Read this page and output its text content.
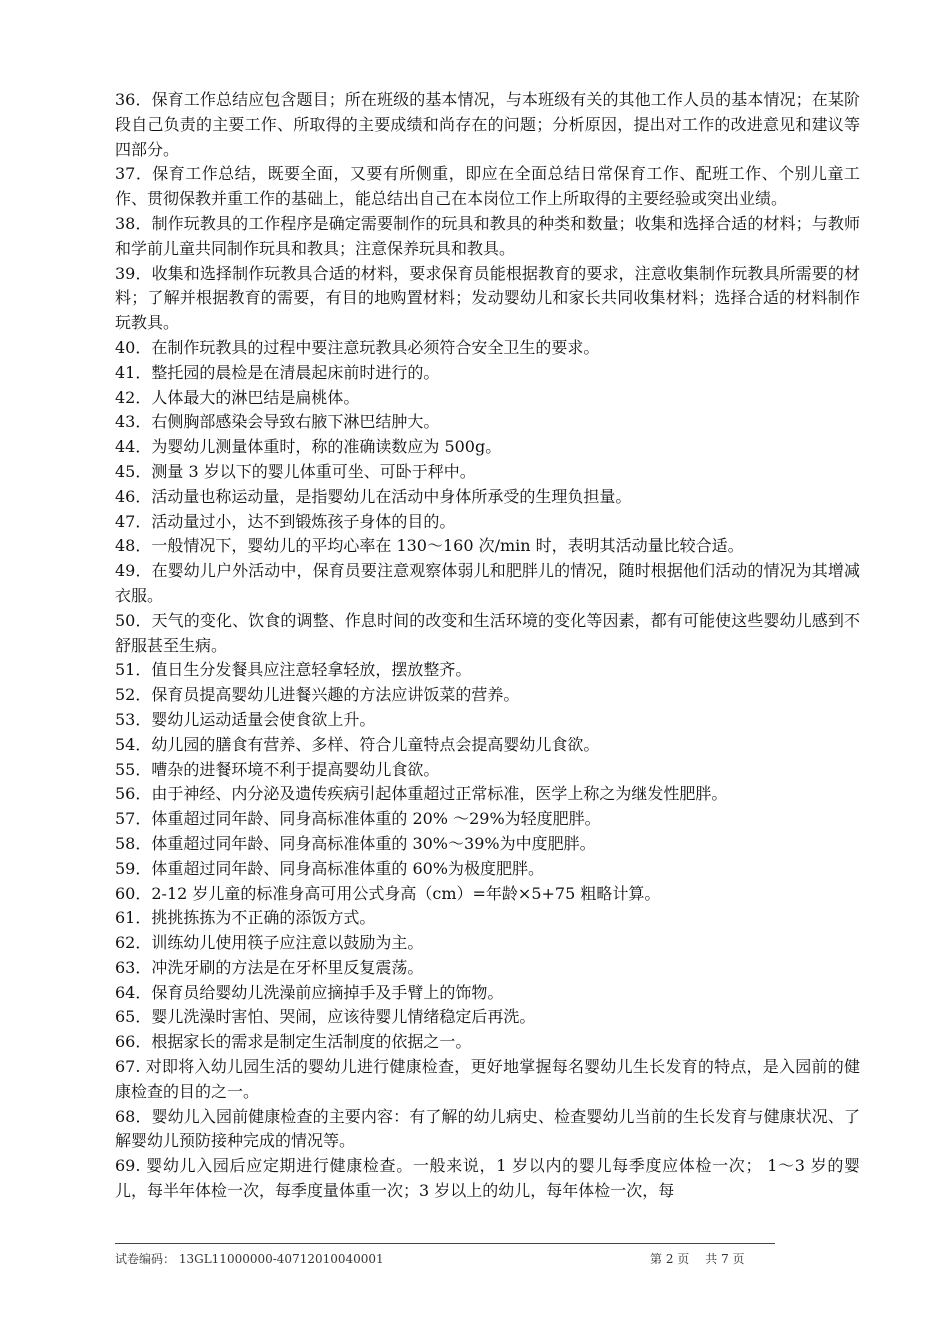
36．保育工作总结应包含题目；所在班级的基本情况，与本班级有关的其他工作人员的基本情况；在某阶段自己负责的主要工作、所取得的主要成绩和尚存在的问题；分析原因，提出对工作的改进意见和建议等四部分。

37．保育工作总结，既要全面，又要有所侧重，即应在全面总结日常保育工作、配班工作、个别儿童工作、贯彻保教并重工作的基础上，能总结出自己在本岗位工作上所取得的主要经验或突出业绩。

38．制作玩教具的工作程序是确定需要制作的玩具和教具的种类和数量；收集和选择合适的材料；与教师和学前儿童共同制作玩具和教具；注意保养玩具和教具。

39．收集和选择制作玩教具合适的材料，要求保育员能根据教育的要求，注意收集制作玩教具所需要的材料；了解并根据教育的需要，有目的地购置材料；发动婴幼儿和家长共同收集材料；选择合适的材料制作玩教具。

40．在制作玩教具的过程中要注意玩教具必须符合安全卫生的要求。

41．整托园的晨检是在清晨起床前时进行的。

42．人体最大的淋巴结是扁桃体。

43．右侧胸部感染会导致右腋下淋巴结肿大。

44．为婴幼儿测量体重时，称的准确读数应为 500g。

45．测量 3 岁以下的婴儿体重可坐、可卧于秤中。

46．活动量也称运动量，是指婴幼儿在活动中身体所承受的生理负担量。

47．活动量过小，达不到锻炼孩子身体的目的。

48．一般情况下，婴幼儿的平均心率在 130～160 次/min 时，表明其活动量比较合适。

49．在婴幼儿户外活动中，保育员要注意观察体弱儿和肥胖儿的情况，随时根据他们活动的情况为其增减衣服。

50．天气的变化、饮食的调整、作息时间的改变和生活环境的变化等因素，都有可能使这些婴幼儿感到不舒服甚至生病。

51．值日生分发餐具应注意轻拿轻放，摆放整齐。

52．保育员提高婴幼儿进餐兴趣的方法应讲饭菜的营养。

53．婴幼儿运动适量会使食欲上升。

54．幼儿园的膳食有营养、多样、符合儿童特点会提高婴幼儿食欲。

55．嘈杂的进餐环境不利于提高婴幼儿食欲。

56．由于神经、内分泌及遗传疾病引起体重超过正常标准，医学上称之为继发性肥胖。

57．体重超过同年龄、同身高标准体重的 20% ～29%为轻度肥胖。

58．体重超过同年龄、同身高标准体重的 30%～39%为中度肥胖。

59．体重超过同年龄、同身高标准体重的 60%为极度肥胖。

60．2-12 岁儿童的标准身高可用公式身高（cm）=年龄×5+75 粗略计算。

61．挑挑拣拣为不正确的添饭方式。

62．训练幼儿使用筷子应注意以鼓励为主。

63．冲洗牙刷的方法是在牙杯里反复震荡。

64．保育员给婴幼儿洗澡前应摘掉手及手臂上的饰物。

65．婴儿洗澡时害怕、哭闹，应该待婴儿情绪稳定后再洗。

66．根据家长的需求是制定生活制度的依据之一。

67. 对即将入幼儿园生活的婴幼儿进行健康检查，更好地掌握每名婴幼儿生长发育的特点，是入园前的健康检查的目的之一。

68．婴幼儿入园前健康检查的主要内容：有了解的幼儿病史、检查婴幼儿当前的生长发育与健康状况、了解婴幼儿预防接种完成的情况等。

69. 婴幼儿入园后应定期进行健康检查。一般来说，1 岁以内的婴儿每季度应体检一次； 1～3 岁的婴儿，每半年体检一次，每季度量体重一次；3 岁以上的幼儿，每年体检一次，每

试卷编码： 13GL11000000-40712010040001	第 2 页 共 7 页
